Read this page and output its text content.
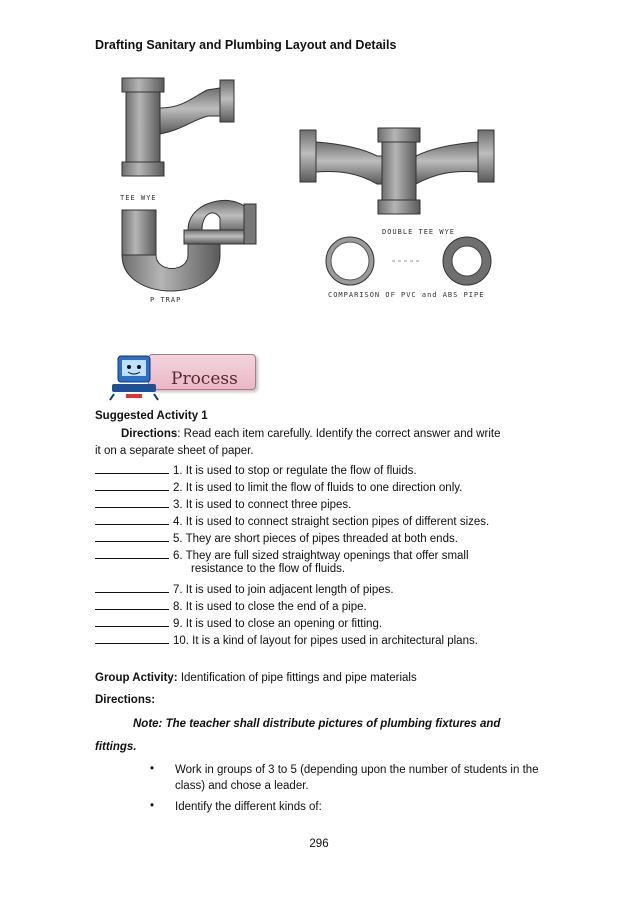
Drafting Sanitary and Plumbing Layout and Details
TEE WYE
DOUBLE TEE WYE
P TRAP
COMPARISON OF PVC and ABS PIPE
Process
Suggested Activity 1
Directions: Read each item carefully. Identify the correct answer and write
it on a separate sheet of paper.
1. It is used to stop or regulate the flow of fluids.
2. It is used to limit the flow of fluids to one direction only.
3. It is used to connect three pipes.
4. It is used to connect straight section pipes of different sizes.
5. They are short pieces of pipes threaded at both ends.
6. They are full sized straightway openings that offer small
resistance to the flow of fluids.
7. It is used to join adjacent length of pipes.
8. It is used to close the end of a pipe.
9. It is used to close an opening or fitting.
10. It is a kind of layout for pipes used in architectural plans.
Group Activity: Identification of pipe fittings and pipe materials
Directions:
Note: The teacher shall distribute pictures of plumbing fixtures and
fittings.
• Work in groups of 3 to 5 (depending upon the number of students in the class) and chose a leader.
• Identify the different kinds of:
296
